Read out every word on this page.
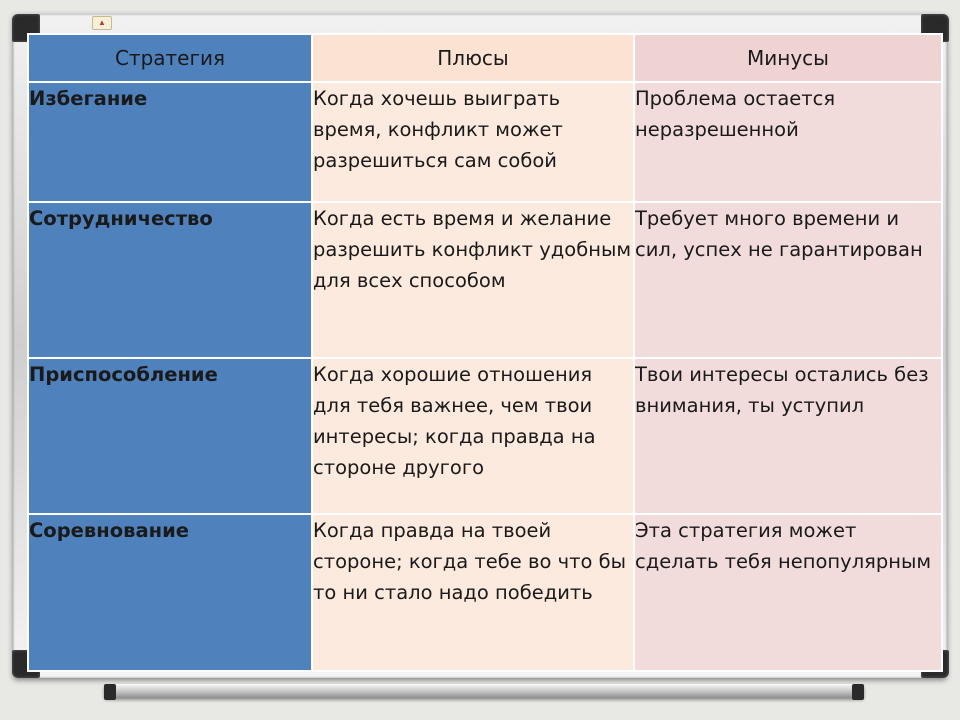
▲
Стратегия	Плюсы	Минусы
Избегание	Когда хочешь выиграть время, конфликт может разрешиться сам собой	Проблема остается неразрешенной
Сотрудничество	Когда есть время и желание разрешить конфликт удобным для всех способом	Требует много времени и сил, успех не гарантирован
Приспособление	Когда хорошие отношения для тебя важнее, чем твои интересы; когда правда на стороне другого	Твои интересы остались без внимания, ты уступил
Соревнование	Когда правда на твоей стороне; когда тебе во что бы то ни стало надо победить	Эта стратегия может сделать тебя непопулярным
